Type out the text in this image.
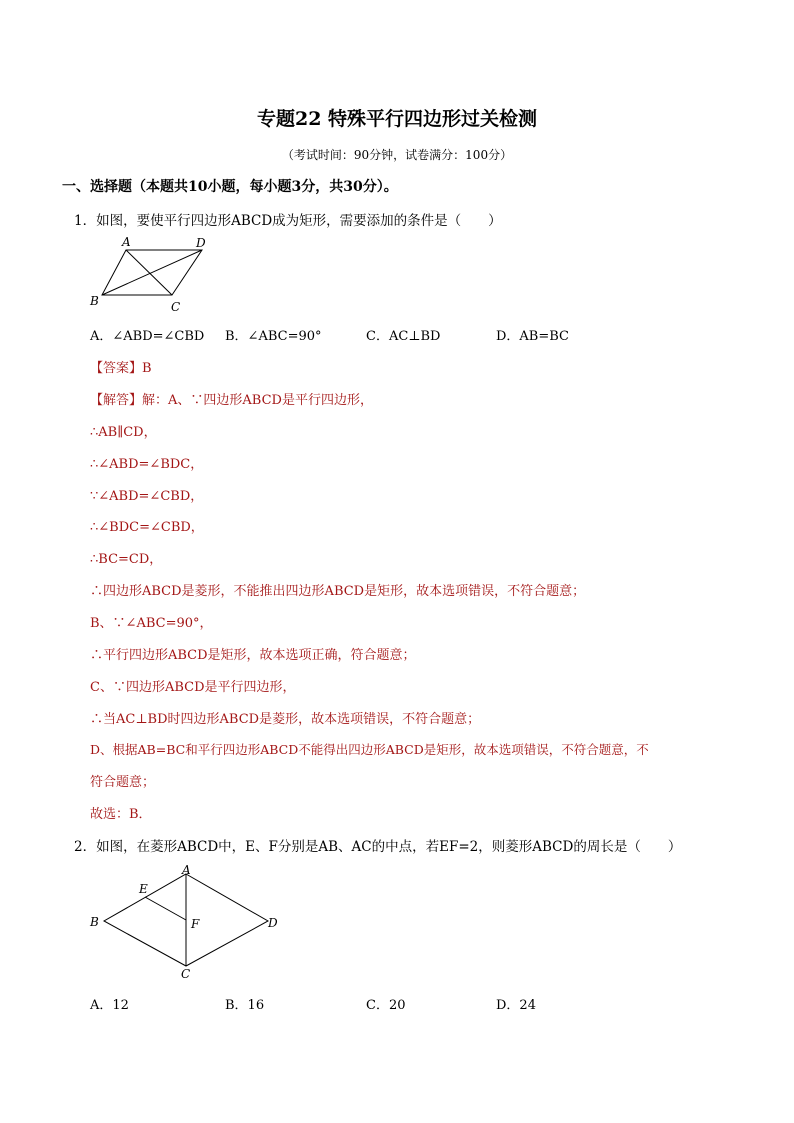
专题22 特殊平行四边形过关检测
（考试时间：90分钟，试卷满分：100分）
一、选择题（本题共10小题，每小题3分，共30分）。
1．如图，要使平行四边形ABCD成为矩形，需要添加的条件是（　　）
A	D
B	C
A．∠ABD=∠CBD B．∠ABC=90°	C．AC⊥BD	D．AB=BC
【答案】B
【解答】解：A、∵四边形ABCD是平行四边形，
∴AB∥CD，
∴∠ABD=∠BDC，
∵∠ABD=∠CBD，
∴∠BDC=∠CBD，
∴BC=CD，
∴四边形ABCD是菱形，不能推出四边形ABCD是矩形，故本选项错误，不符合题意；
B、∵∠ABC=90°，
∴平行四边形ABCD是矩形，故本选项正确，符合题意；
C、∵四边形ABCD是平行四边形，
∴当AC⊥BD时四边形ABCD是菱形，故本选项错误，不符合题意；
D、根据AB=BC和平行四边形ABCD不能得出四边形ABCD是矩形，故本选项错误，不符合题意，不
符合题意；
故选：B．
2．如图，在菱形ABCD中，E、F分别是AB、AC的中点，若EF=2，则菱形ABCD的周长是（　　）
A
B
C
D
E
F
A．12	B．16	C．20	D．24
